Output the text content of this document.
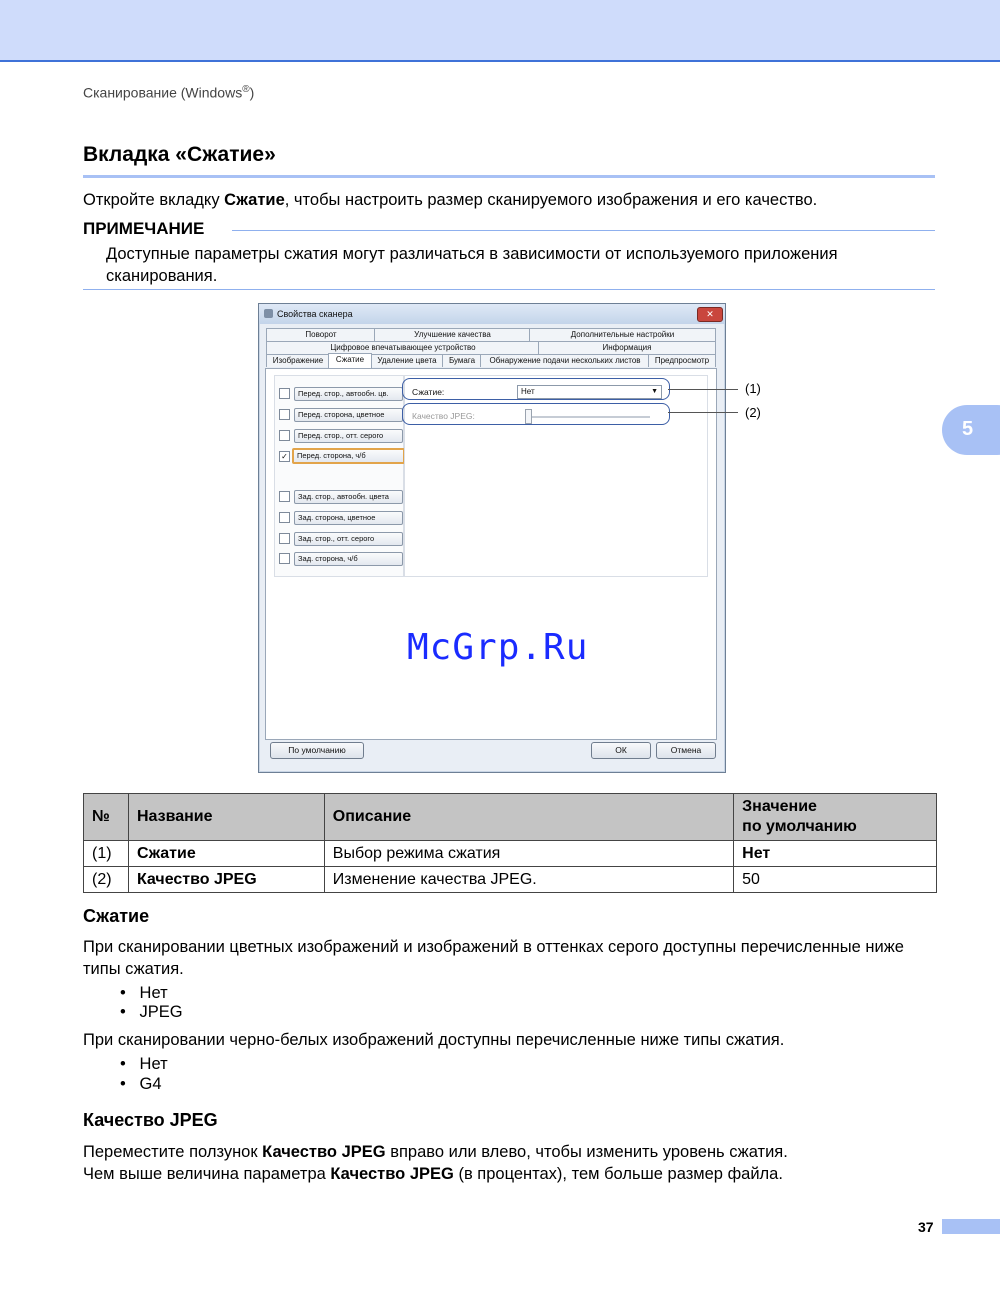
Сканирование (Windows®)
5
Вкладка «Сжатие»

Откройте вкладку Сжатие, чтобы настроить размер сканируемого изображения и его качество.

ПРИМЕЧАНИЕ

Доступные параметры сжатия могут различаться в зависимости от используемого приложения сканирования.

Свойства сканера	✕
Поворот	Улучшение качества	Дополнительные настройки
Цифровое впечатывающее устройство	Информация
Изображение	Сжатие	Удаление цвета	Бумага	Обнаружение подачи нескольких листов	Предпросмотр
Перед. стор., автообн. цв.
Перед. сторона, цветное
Перед. стор., отт. серого
✓	Перед. сторона, ч/б
Зад. стор., автообн. цвета
Зад. сторона, цветное
Зад. стор., отт. серого
Зад. сторона, ч/б
Сжатие:	Нет	▼
Качество JPEG:
По умолчанию	ОК	Отмена
(1)
(2)
McGrp.Ru
№	Название	Описание	Значение
по умолчанию
(1)	Сжатие	Выбор режима сжатия	Нет
(2)	Качество JPEG	Изменение качества JPEG.	50
Сжатие

При сканировании цветных изображений и изображений в оттенках серого доступны перечисленные ниже типы сжатия.

•   Нет
•   JPEG

При сканировании черно-белых изображений доступны перечисленные ниже типы сжатия.

•   Нет
•   G4
Качество JPEG

Переместите ползунок Качество JPEG вправо или влево, чтобы изменить уровень сжатия.

Чем выше величина параметра Качество JPEG (в процентах), тем больше размер файла.

37
